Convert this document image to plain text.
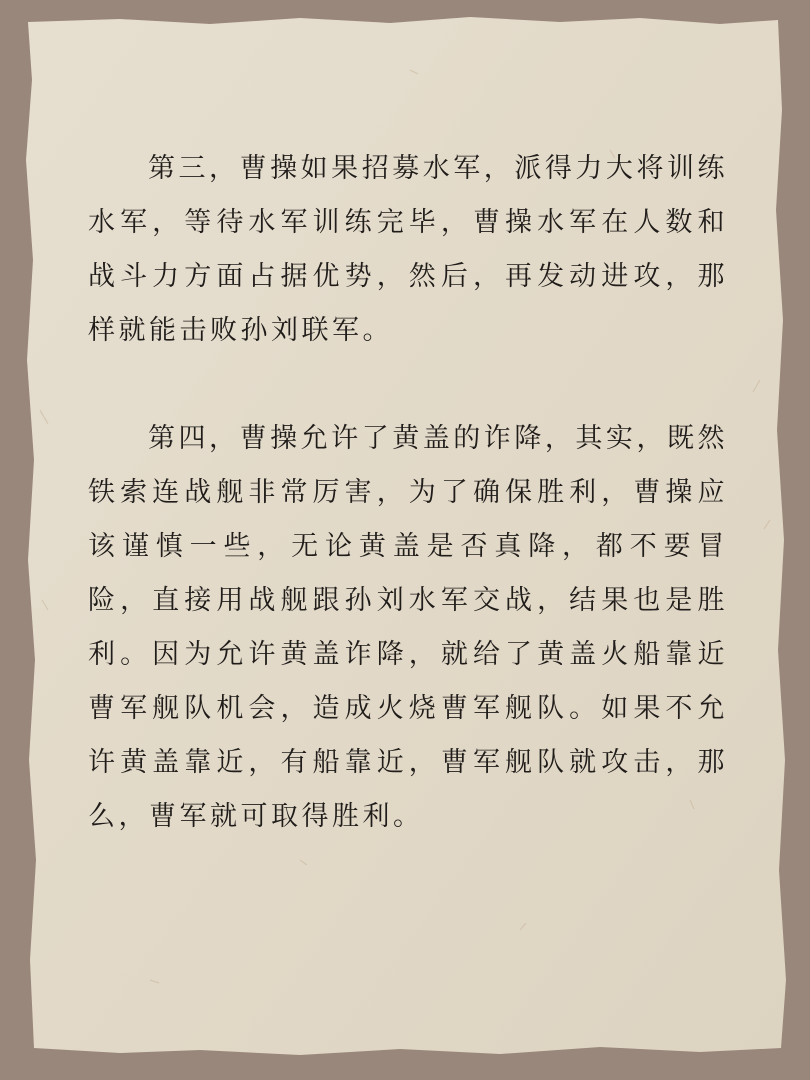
第三，曹操如果招募水军，派得力大将训练水军，等待水军训练完毕，曹操水军在人数和战斗力方面占据优势，然后，再发动进攻，那样就能击败孙刘联军。

第四，曹操允许了黄盖的诈降，其实，既然铁索连战舰非常厉害，为了确保胜利，曹操应该谨慎一些，无论黄盖是否真降，都不要冒险，直接用战舰跟孙刘水军交战，结果也是胜利。因为允许黄盖诈降，就给了黄盖火船靠近曹军舰队机会，造成火烧曹军舰队。如果不允许黄盖靠近，有船靠近，曹军舰队就攻击，那么，曹军就可取得胜利。
